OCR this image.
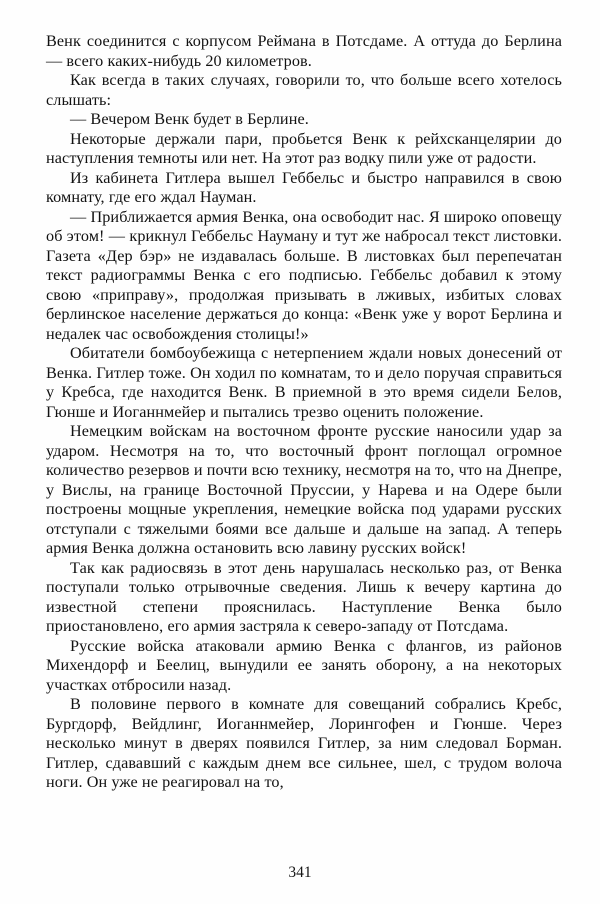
Венк соединится с корпусом Реймана в Потсдаме. А оттуда до Берлина — всего каких-нибудь 20 километров.

Как всегда в таких случаях, говорили то, что больше всего хотелось слышать:

— Вечером Венк будет в Берлине.

Некоторые держали пари, пробьется Венк к рейхсканцелярии до наступления темноты или нет. На этот раз водку пили уже от радости.

Из кабинета Гитлера вышел Геббельс и быстро направился в свою комнату, где его ждал Науман.

— Приближается армия Венка, она освободит нас. Я широко оповещу об этом! — крикнул Геббельс Науману и тут же набросал текст листовки. Газета «Дер бэр» не издавалась больше. В листовках был перепечатан текст радиограммы Венка с его подписью. Геббельс добавил к этому свою «приправу», продолжая призывать в лживых, избитых словах берлинское население держаться до конца: «Венк уже у ворот Берлина и недалек час освобождения столицы!»

Обитатели бомбоубежища с нетерпением ждали новых донесений от Венка. Гитлер тоже. Он ходил по комнатам, то и дело поручая справиться у Кребса, где находится Венк. В приемной в это время сидели Белов, Гюнше и Иоганнмейер и пытались трезво оценить положение.

Немецким войскам на восточном фронте русские наносили удар за ударом. Несмотря на то, что восточный фронт поглощал огромное количество резервов и почти всю технику, несмотря на то, что на Днепре, у Вислы, на границе Восточной Пруссии, у Нарева и на Одере были построены мощные укрепления, немецкие войска под ударами русских отступали с тяжелыми боями все дальше и дальше на запад. А теперь армия Венка должна остановить всю лавину русских войск!

Так как радиосвязь в этот день нарушалась несколько раз, от Венка поступали только отрывочные сведения. Лишь к вечеру картина до известной степени прояснилась. Наступление Венка было приостановлено, его армия застряла к северо-западу от Потсдама.

Русские войска атаковали армию Венка с флангов, из районов Михендорф и Беелиц, вынудили ее занять оборону, а на некоторых участках отбросили назад.

В половине первого в комнате для совещаний собрались Кребс, Бургдорф, Вейдлинг, Иоганнмейер, Лорингофен и Гюнше. Через несколько минут в дверях появился Гитлер, за ним следовал Борман. Гитлер, сдававший с каждым днем все сильнее, шел, с трудом волоча ноги. Он уже не реагировал на то,

341
